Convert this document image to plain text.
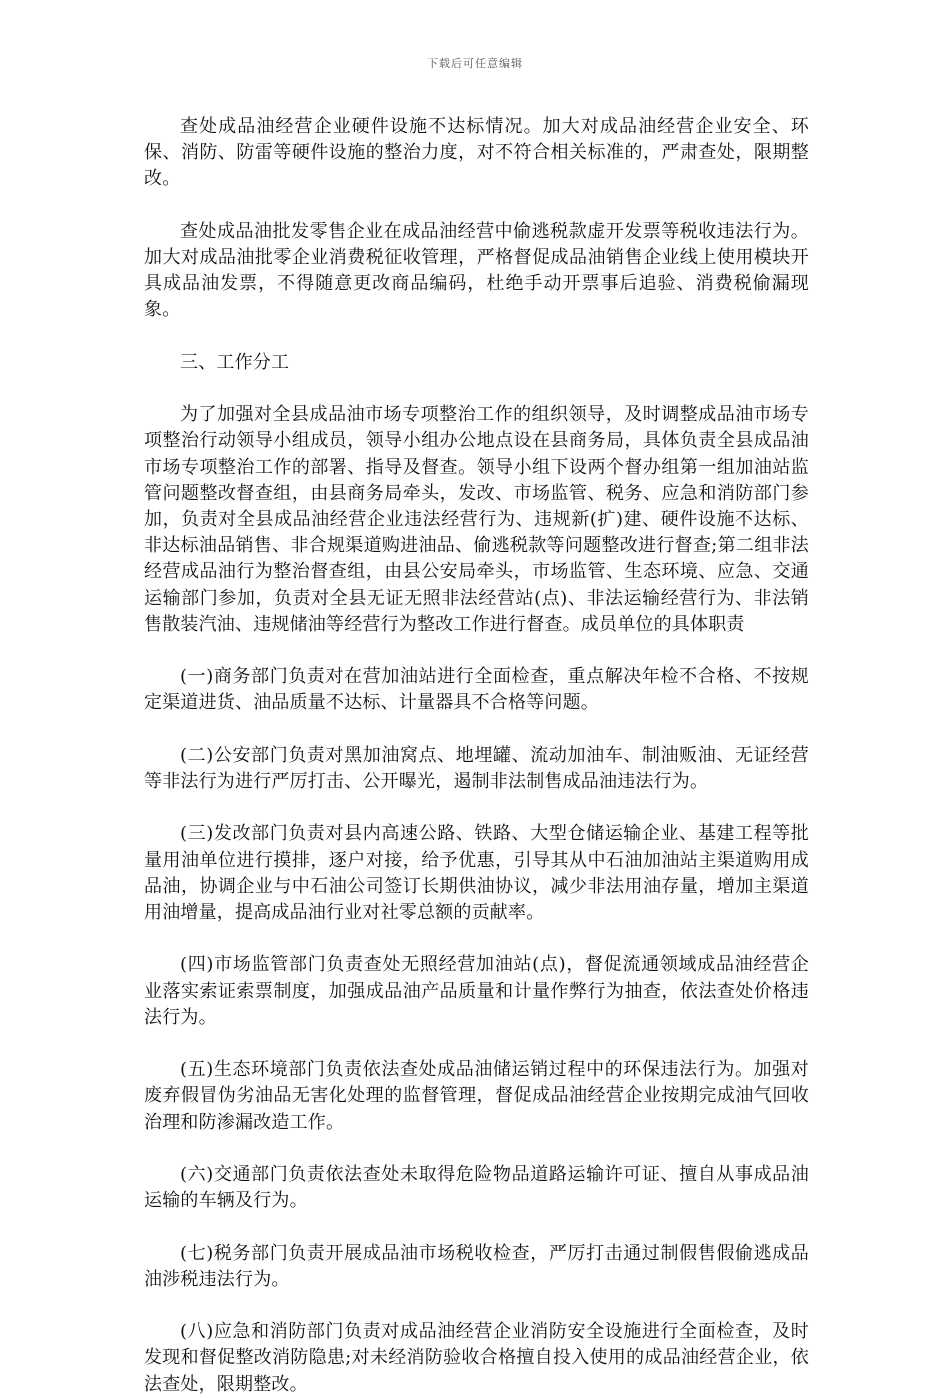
下载后可任意编辑

查处成品油经营企业硬件设施不达标情况。加大对成品油经营企业安全、环保、消防、防雷等硬件设施的整治力度，对不符合相关标准的，严肃查处，限期整改。

查处成品油批发零售企业在成品油经营中偷逃税款虚开发票等税收违法行为。加大对成品油批零企业消费税征收管理，严格督促成品油销售企业线上使用模块开具成品油发票，不得随意更改商品编码，杜绝手动开票事后追验、消费税偷漏现象。

三、工作分工

为了加强对全县成品油市场专项整治工作的组织领导，及时调整成品油市场专项整治行动领导小组成员，领导小组办公地点设在县商务局，具体负责全县成品油市场专项整治工作的部署、指导及督查。领导小组下设两个督办组第一组加油站监管问题整改督查组，由县商务局牵头，发改、市场监管、税务、应急和消防部门参加，负责对全县成品油经营企业违法经营行为、违规新(扩)建、硬件设施不达标、非达标油品销售、非合规渠道购进油品、偷逃税款等问题整改进行督查;第二组非法经营成品油行为整治督查组，由县公安局牵头，市场监管、生态环境、应急、交通运输部门参加，负责对全县无证无照非法经营站(点)、非法运输经营行为、非法销售散装汽油、违规储油等经营行为整改工作进行督查。成员单位的具体职责

(一)商务部门负责对在营加油站进行全面检查，重点解决年检不合格、不按规定渠道进货、油品质量不达标、计量器具不合格等问题。

(二)公安部门负责对黑加油窝点、地埋罐、流动加油车、制油贩油、无证经营等非法行为进行严厉打击、公开曝光，遏制非法制售成品油违法行为。

(三)发改部门负责对县内高速公路、铁路、大型仓储运输企业、基建工程等批量用油单位进行摸排，逐户对接，给予优惠，引导其从中石油加油站主渠道购用成品油，协调企业与中石油公司签订长期供油协议，减少非法用油存量，增加主渠道用油增量，提高成品油行业对社零总额的贡献率。

(四)市场监管部门负责查处无照经营加油站(点)，督促流通领域成品油经营企业落实索证索票制度，加强成品油产品质量和计量作弊行为抽查，依法查处价格违法行为。

(五)生态环境部门负责依法查处成品油储运销过程中的环保违法行为。加强对废弃假冒伪劣油品无害化处理的监督管理，督促成品油经营企业按期完成油气回收治理和防渗漏改造工作。

(六)交通部门负责依法查处未取得危险物品道路运输许可证、擅自从事成品油运输的车辆及行为。

(七)税务部门负责开展成品油市场税收检查，严厉打击通过制假售假偷逃成品油涉税违法行为。

(八)应急和消防部门负责对成品油经营企业消防安全设施进行全面检查，及时发现和督促整改消防隐患;对未经消防验收合格擅自投入使用的成品油经营企业，依法查处，限期整改。
